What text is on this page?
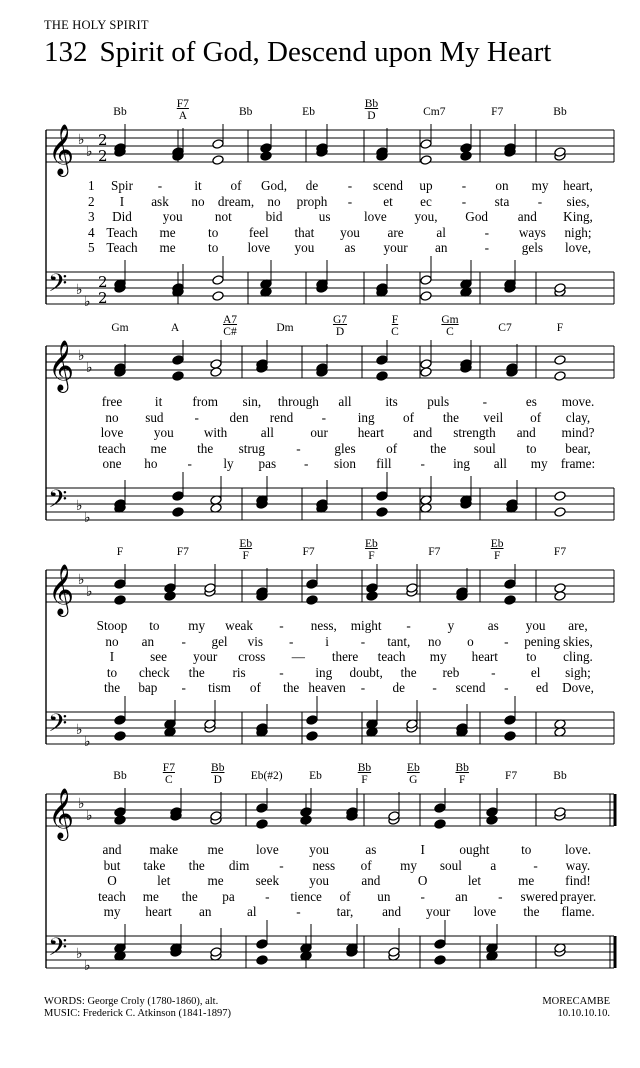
THE HOLY SPIRIT
132 Spirit of God, Descend upon My Heart
Bb
F7
A	Bb	Eb
Bb
D	Cm7	F7	Bb
𝄞
𝄢
♭
♭
♭
♭
2
2
2
2
1 Spir - it of God, de - scend up - on my heart,
2 I ask no dream, no proph - et ec - sta - sies,
3 Did you not	bid	us	love you, God and King,
4 Teach me to feel that you are al	- ways nigh;
5 Teach me to love you as your an	- gels love,
Gm	A
A7
C#	Dm
G7
D
F
C
Gm
C	C7	F
𝄞
𝄢
♭
♭
♭
♭
free it from sin, through all	its puls	-	es move.
no sud - den rend - ing of the veil of clay,
love you with	all	our heart and strength and mind?
teach me the strug -	gles of	the soul to bear,
one ho - ly pas - sion fill - ing all my frame:
F	F7
Eb
F	F7
Eb
F	F7
Eb
F	F7
𝄞
𝄢
♭
♭
♭
♭
Stoop to my weak - ness, might -	y	as you are,
no an - gel vis - i - tant, no o - pening skies,
I	see your cross — there teach my heart to cling.
to check the ris	- ing doubt, the reb -	el sigh;
the bap - tism of the heaven - de - scend - ed Dove,
Bb
F7
C
Bb
D	Eb(#2) Eb
Bb
F
Eb
G
Bb
F	F7	Bb
𝄞
𝄢
♭
♭
♭
♭
and make me love you	as	I	ought to	love.
but take the dim - ness of my soul a	- way.
O	let	me seek you and	O	let	me find!
teach me the pa - tience of un - an - swered prayer.
my heart an	al	-	tar, and your love the flame.
WORDS: George Croly (1780-1860), alt.
MUSIC: Frederick C. Atkinson (1841-1897)
MORECAMBE
10.10.10.10.
